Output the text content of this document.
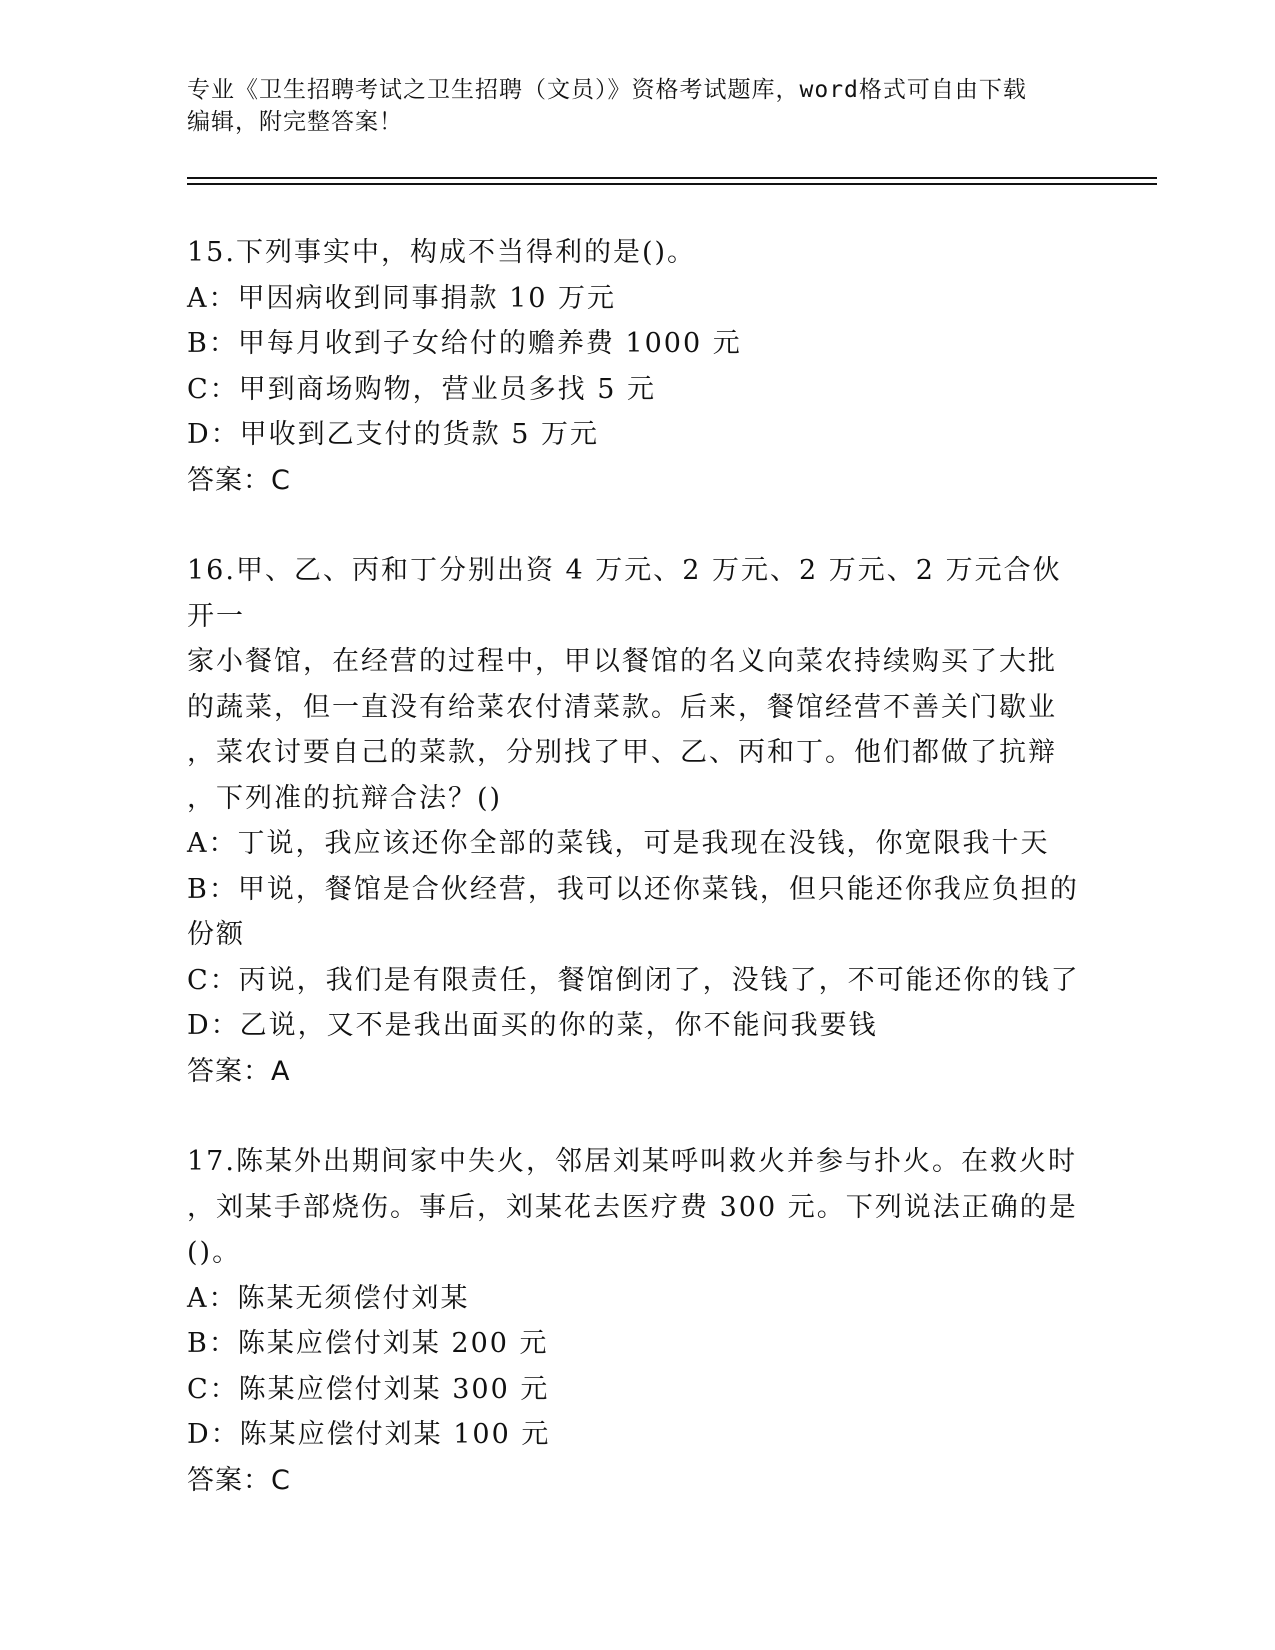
专业《卫生招聘考试之卫生招聘（文员）》资格考试题库，word格式可自由下载
编辑，附完整答案！
15.下列事实中，构成不当得利的是()。
A：甲因病收到同事捐款 10 万元
B：甲每月收到子女给付的赡养费 1000 元
C：甲到商场购物，营业员多找 5 元
D：甲收到乙支付的货款 5 万元
答案：C
16.甲、乙、丙和丁分别出资 4 万元、2 万元、2 万元、2 万元合伙开一
家小餐馆，在经营的过程中，甲以餐馆的名义向菜农持续购买了大批
的蔬菜，但一直没有给菜农付清菜款。后来，餐馆经营不善关门歇业
，菜农讨要自己的菜款，分别找了甲、乙、丙和丁。他们都做了抗辩
，下列准的抗辩合法？()
A：丁说，我应该还你全部的菜钱，可是我现在没钱，你宽限我十天
B：甲说，餐馆是合伙经营，我可以还你菜钱，但只能还你我应负担的
份额
C：丙说，我们是有限责任，餐馆倒闭了，没钱了，不可能还你的钱了
D：乙说，又不是我出面买的你的菜，你不能问我要钱
答案：A
17.陈某外出期间家中失火，邻居刘某呼叫救火并参与扑火。在救火时
，刘某手部烧伤。事后，刘某花去医疗费 300 元。下列说法正确的是
()。
A：陈某无须偿付刘某
B：陈某应偿付刘某 200 元
C：陈某应偿付刘某 300 元
D：陈某应偿付刘某 100 元
答案：C
